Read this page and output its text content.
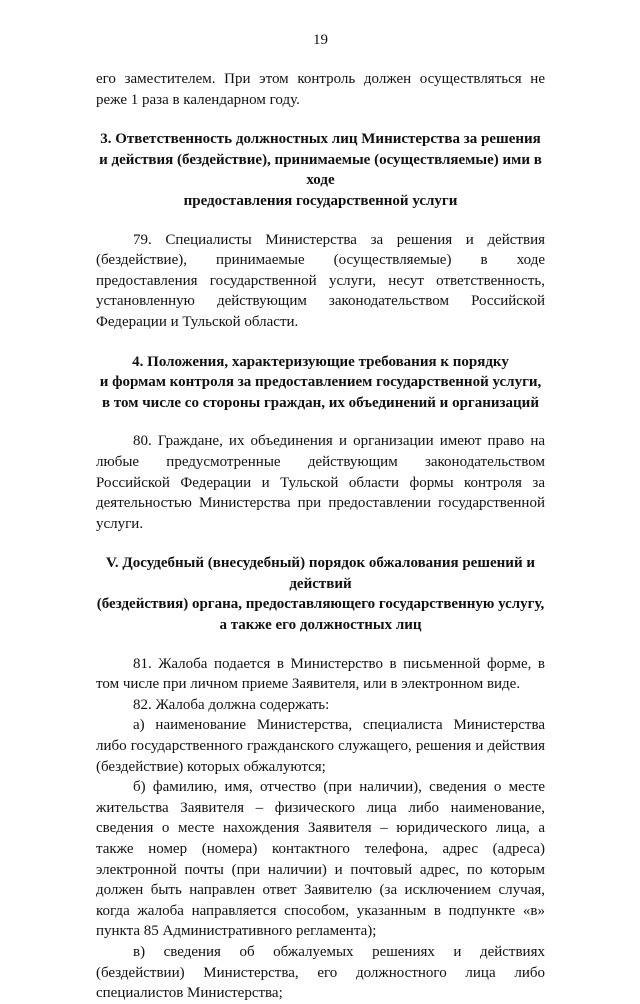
19

его заместителем. При этом контроль должен осуществляться не реже 1 раза в календарном году.

3. Ответственность должностных лиц Министерства за решения
и действия (бездействие), принимаемые (осуществляемые) ими в ходе
предоставления государственной услуги

79. Специалисты Министерства за решения и действия (бездействие), принимаемые (осуществляемые) в ходе предоставления государственной услуги, несут ответственность, установленную действующим законодательством Российской Федерации и Тульской области.

4. Положения, характеризующие требования к порядку
и формам контроля за предоставлением государственной услуги,
в том числе со стороны граждан, их объединений и организаций

80. Граждане, их объединения и организации имеют право на любые предусмотренные действующим законодательством Российской Федерации и Тульской области формы контроля за деятельностью Министерства при предоставлении государственной услуги.

V. Досудебный (внесудебный) порядок обжалования решений и действий
(бездействия) органа, предоставляющего государственную услугу,
а также его должностных лиц

81. Жалоба подается в Министерство в письменной форме, в том числе при личном приеме Заявителя, или в электронном виде.

82. Жалоба должна содержать:

а) наименование Министерства, специалиста Министерства либо государственного гражданского служащего, решения и действия (бездействие) которых обжалуются;

б) фамилию, имя, отчество (при наличии), сведения о месте жительства Заявителя – физического лица либо наименование, сведения о месте нахождения Заявителя – юридического лица, а также номер (номера) контактного телефона, адрес (адреса) электронной почты (при наличии) и почтовый адрес, по которым должен быть направлен ответ Заявителю (за исключением случая, когда жалоба направляется способом, указанным в подпункте «в» пункта 85 Административного регламента);

в) сведения об обжалуемых решениях и действиях (бездействии) Министерства, его должностного лица либо специалистов Министерства;
